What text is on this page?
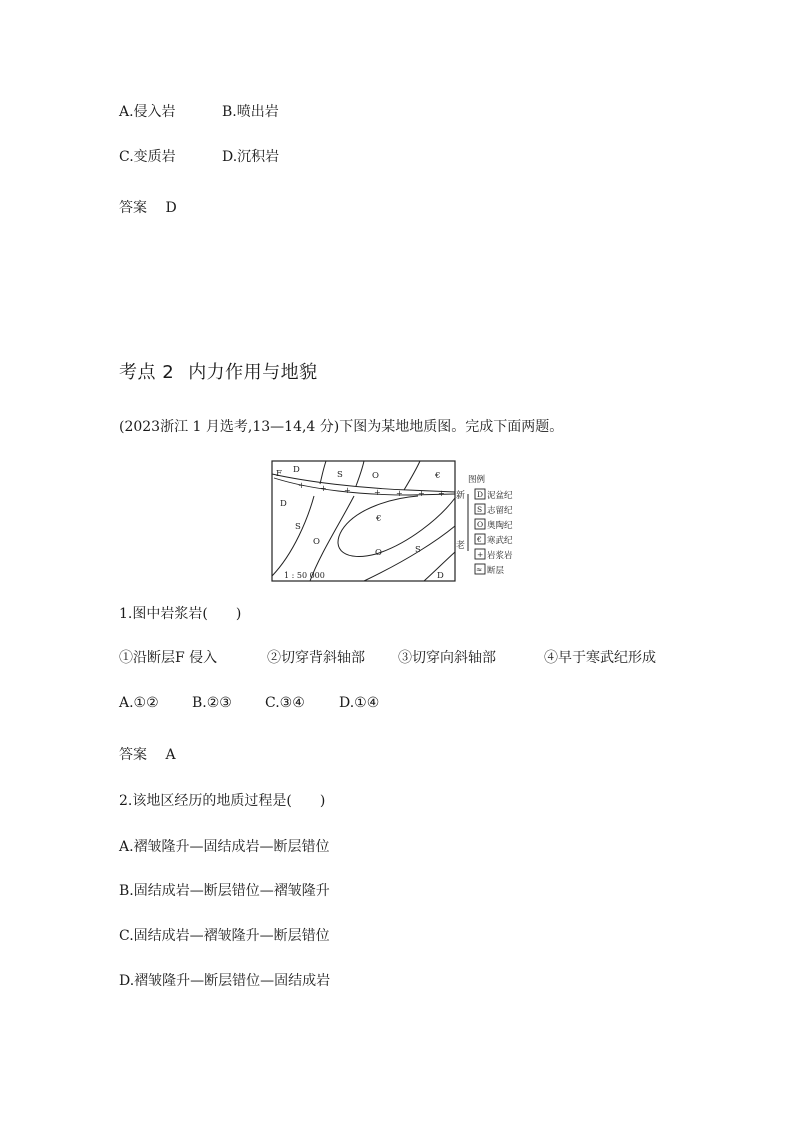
A.侵入岩	B.喷出岩
C.变质岩	D.沉积岩
答案 D
考点 2 内力作用与地貌
(2023浙江 1 月选考,13—14,4 分)下图为某地地质图。完成下面两题。
+ + +	+ + + +
F D	S	O	€
D
S
O
€
O	S
D
1 : 50 000
新
老
图例
D 泥盆纪
S 志留纪
O 奥陶纪
€ 寒武纪
+ 岩浆岩
≈ 断层
1.图中岩浆岩(　　)
①沿断层F 侵入	②切穿背斜轴部 ③切穿向斜轴部	④早于寒武纪形成
A.①② B.②③ C.③④ D.①④
答案 A
2.该地区经历的地质过程是(　　)
A.褶皱隆升—固结成岩—断层错位
B.固结成岩—断层错位—褶皱隆升
C.固结成岩—褶皱隆升—断层错位
D.褶皱隆升—断层错位—固结成岩
